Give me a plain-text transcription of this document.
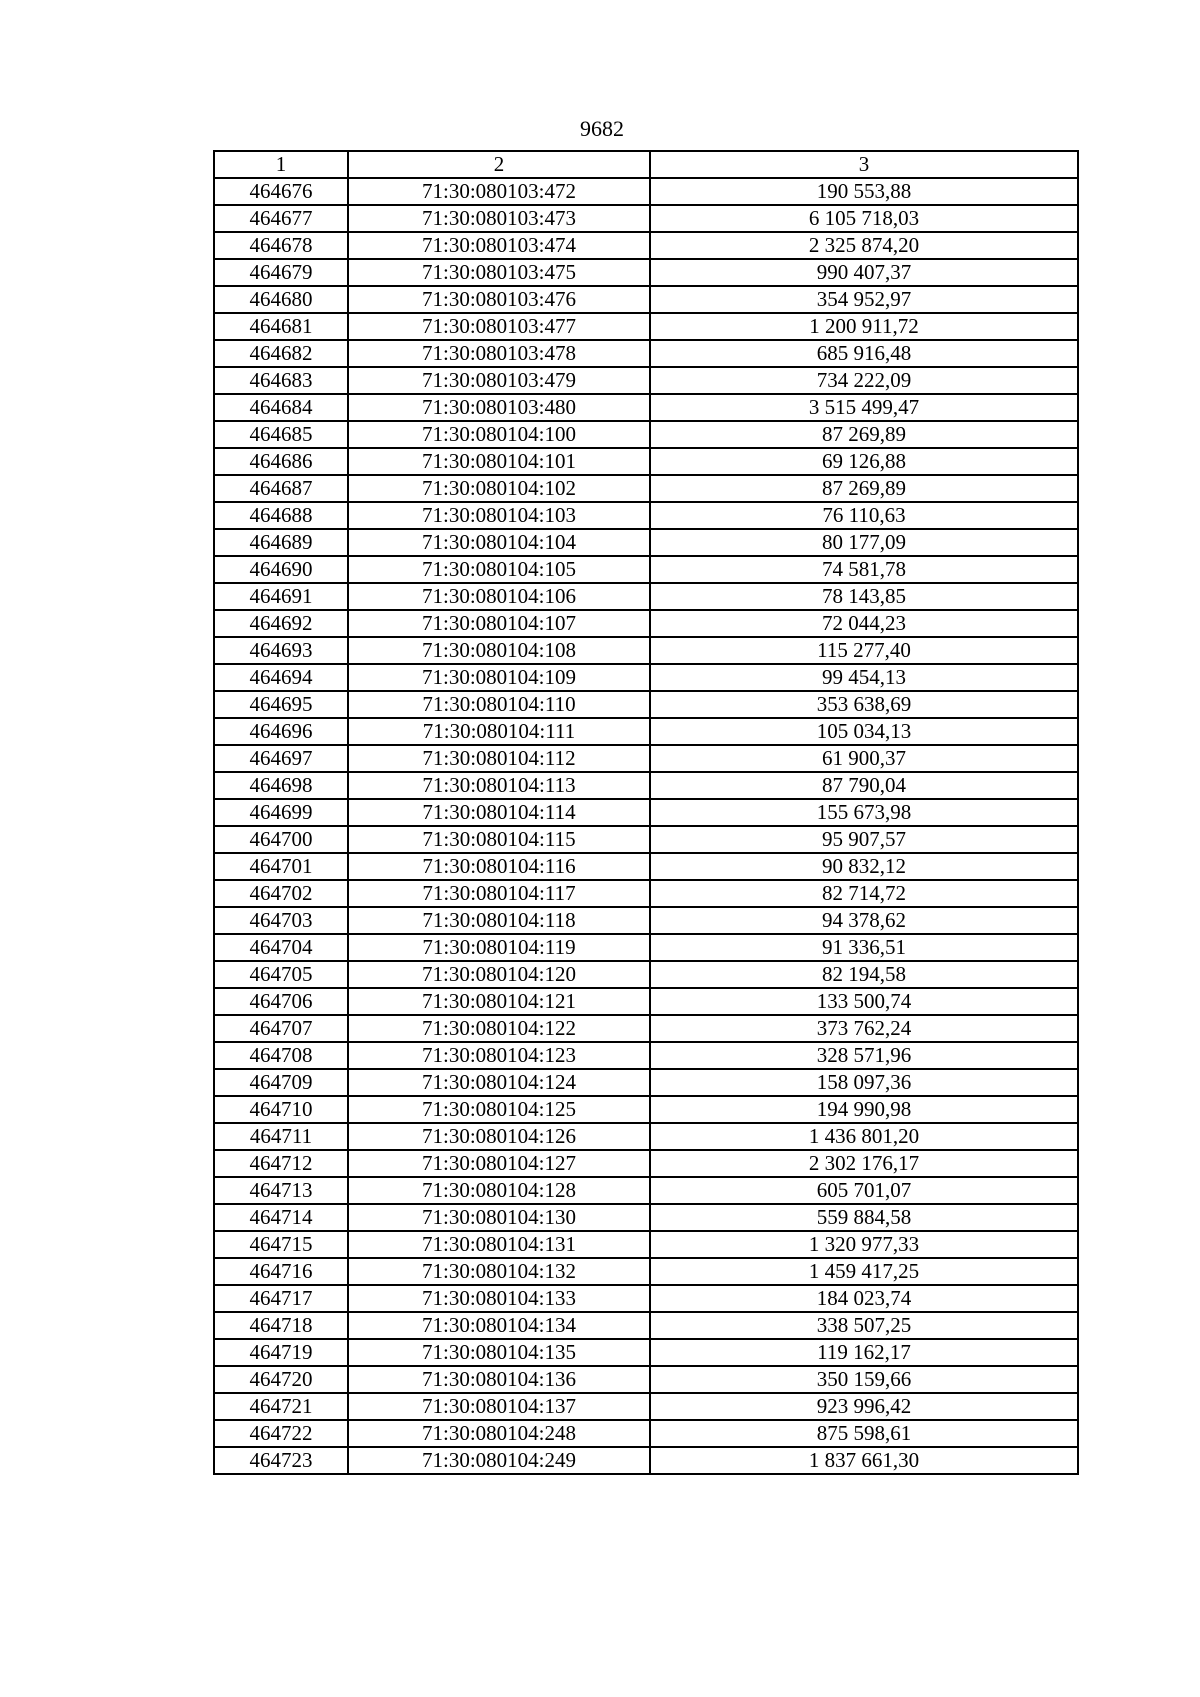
9682
1	2	3
464676	71:30:080103:472	190 553,88
464677	71:30:080103:473	6 105 718,03
464678	71:30:080103:474	2 325 874,20
464679	71:30:080103:475	990 407,37
464680	71:30:080103:476	354 952,97
464681	71:30:080103:477	1 200 911,72
464682	71:30:080103:478	685 916,48
464683	71:30:080103:479	734 222,09
464684	71:30:080103:480	3 515 499,47
464685	71:30:080104:100	87 269,89
464686	71:30:080104:101	69 126,88
464687	71:30:080104:102	87 269,89
464688	71:30:080104:103	76 110,63
464689	71:30:080104:104	80 177,09
464690	71:30:080104:105	74 581,78
464691	71:30:080104:106	78 143,85
464692	71:30:080104:107	72 044,23
464693	71:30:080104:108	115 277,40
464694	71:30:080104:109	99 454,13
464695	71:30:080104:110	353 638,69
464696	71:30:080104:111	105 034,13
464697	71:30:080104:112	61 900,37
464698	71:30:080104:113	87 790,04
464699	71:30:080104:114	155 673,98
464700	71:30:080104:115	95 907,57
464701	71:30:080104:116	90 832,12
464702	71:30:080104:117	82 714,72
464703	71:30:080104:118	94 378,62
464704	71:30:080104:119	91 336,51
464705	71:30:080104:120	82 194,58
464706	71:30:080104:121	133 500,74
464707	71:30:080104:122	373 762,24
464708	71:30:080104:123	328 571,96
464709	71:30:080104:124	158 097,36
464710	71:30:080104:125	194 990,98
464711	71:30:080104:126	1 436 801,20
464712	71:30:080104:127	2 302 176,17
464713	71:30:080104:128	605 701,07
464714	71:30:080104:130	559 884,58
464715	71:30:080104:131	1 320 977,33
464716	71:30:080104:132	1 459 417,25
464717	71:30:080104:133	184 023,74
464718	71:30:080104:134	338 507,25
464719	71:30:080104:135	119 162,17
464720	71:30:080104:136	350 159,66
464721	71:30:080104:137	923 996,42
464722	71:30:080104:248	875 598,61
464723	71:30:080104:249	1 837 661,30
